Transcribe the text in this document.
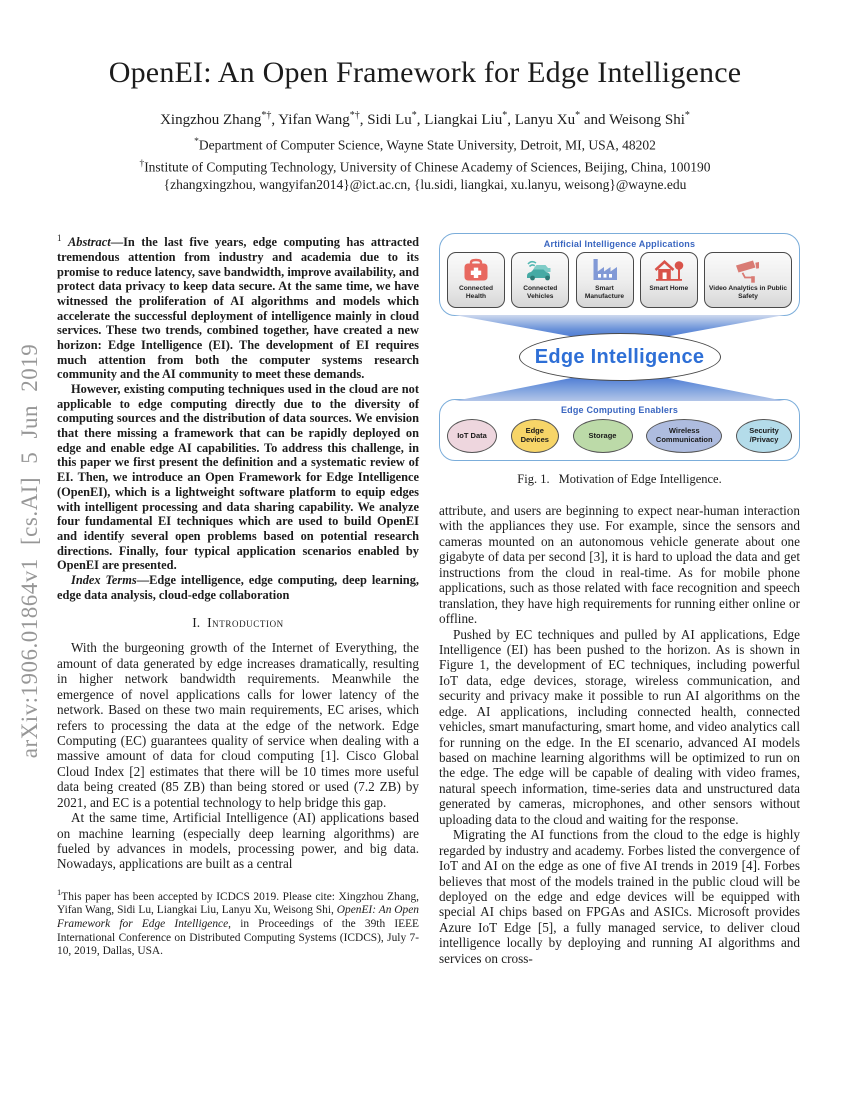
arXiv:1906.01864v1 [cs.AI] 5 Jun 2019
OpenEI: An Open Framework for Edge Intelligence
Xingzhou Zhang*†, Yifan Wang*†, Sidi Lu*, Liangkai Liu*, Lanyu Xu* and Weisong Shi*
*Department of Computer Science, Wayne State University, Detroit, MI, USA, 48202
†Institute of Computing Technology, University of Chinese Academy of Sciences, Beijing, China, 100190
{zhangxingzhou, wangyifan2014}@ict.ac.cn, {lu.sidi, liangkai, xu.lanyu, weisong}@wayne.edu

$^1$ Abstract—In the last five years, edge computing has attracted tremendous attention from industry and academia due to its promise to reduce latency, save bandwidth, improve availability, and protect data privacy to keep data secure. At the same time, we have witnessed the proliferation of AI algorithms and models which accelerate the successful deployment of intelligence mainly in cloud services. These two trends, combined together, have created a new horizon: Edge Intelligence (EI). The development of EI requires much attention from both the computer systems research community and the AI community to meet these demands.

However, existing computing techniques used in the cloud are not applicable to edge computing directly due to the diversity of computing sources and the distribution of data sources. We envision that there missing a framework that can be rapidly deployed on edge and enable edge AI capabilities. To address this challenge, in this paper we first present the definition and a systematic review of EI. Then, we introduce an Open Framework for Edge Intelligence (OpenEI), which is a lightweight software platform to equip edges with intelligent processing and data sharing capability. We analyze four fundamental EI techniques which are used to build OpenEI and identify several open problems based on potential research directions. Finally, four typical application scenarios enabled by OpenEI are presented.

Index Terms—Edge intelligence, edge computing, deep learning, edge data analysis, cloud-edge collaboration

I. Introduction

With the burgeoning growth of the Internet of Everything, the amount of data generated by edge increases dramatically, resulting in higher network bandwidth requirements. Meanwhile the emergence of novel applications calls for lower latency of the network. Based on these two main requirements, EC arises, which refers to processing the data at the edge of the network. Edge Computing (EC) guarantees quality of service when dealing with a massive amount of data for cloud computing [1]. Cisco Global Cloud Index [2] estimates that there will be 10 times more useful data being created (85 ZB) than being stored or used (7.2 ZB) by 2021, and EC is a potential technology to help bridge this gap.

At the same time, Artificial Intelligence (AI) applications based on machine learning (especially deep learning algorithms) are fueled by advances in models, processing power, and big data. Nowadays, applications are built as a central

$^1$This paper has been accepted by ICDCS 2019. Please cite: Xingzhou Zhang, Yifan Wang, Sidi Lu, Liangkai Liu, Lanyu Xu, Weisong Shi, OpenEI: An Open Framework for Edge Intelligence, in Proceedings of the 39th IEEE International Conference on Distributed Computing Systems (ICDCS), July 7-10, 2019, Dallas, USA.
Artificial Intelligence Applications
Connected Health
Connected Vehicles
Smart Manufacture
Smart Home	Video Analytics in Public Safety
Edge Intelligence
Edge Computing Enablers
IoT Data	Edge Devices	Storage	Wireless Communication
Security /Privacy
Fig. 1. Motivation of Edge Intelligence.

attribute, and users are beginning to expect near-human interaction with the appliances they use. For example, since the sensors and cameras mounted on an autonomous vehicle generate about one gigabyte of data per second [3], it is hard to upload the data and get instructions from the cloud in real-time. As for mobile phone applications, such as those related with face recognition and speech translation, they have high requirements for running either online or offline.

Pushed by EC techniques and pulled by AI applications, Edge Intelligence (EI) has been pushed to the horizon. As is shown in Figure 1, the development of EC techniques, including powerful IoT data, edge devices, storage, wireless communication, and security and privacy make it possible to run AI algorithms on the edge. AI applications, including connected health, connected vehicles, smart manufacturing, smart home, and video analytics call for running on the edge. In the EI scenario, advanced AI models based on machine learning algorithms will be optimized to run on the edge. The edge will be capable of dealing with video frames, natural speech information, time-series data and unstructured data generated by cameras, microphones, and other sensors without uploading data to the cloud and waiting for the response.

Migrating the AI functions from the cloud to the edge is highly regarded by industry and academy. Forbes listed the convergence of IoT and AI on the edge as one of five AI trends in 2019 [4]. Forbes believes that most of the models trained in the public cloud will be deployed on the edge and edge devices will be equipped with special AI chips based on FPGAs and ASICs. Microsoft provides Azure IoT Edge [5], a fully managed service, to deliver cloud intelligence locally by deploying and running AI algorithms and services on cross-
